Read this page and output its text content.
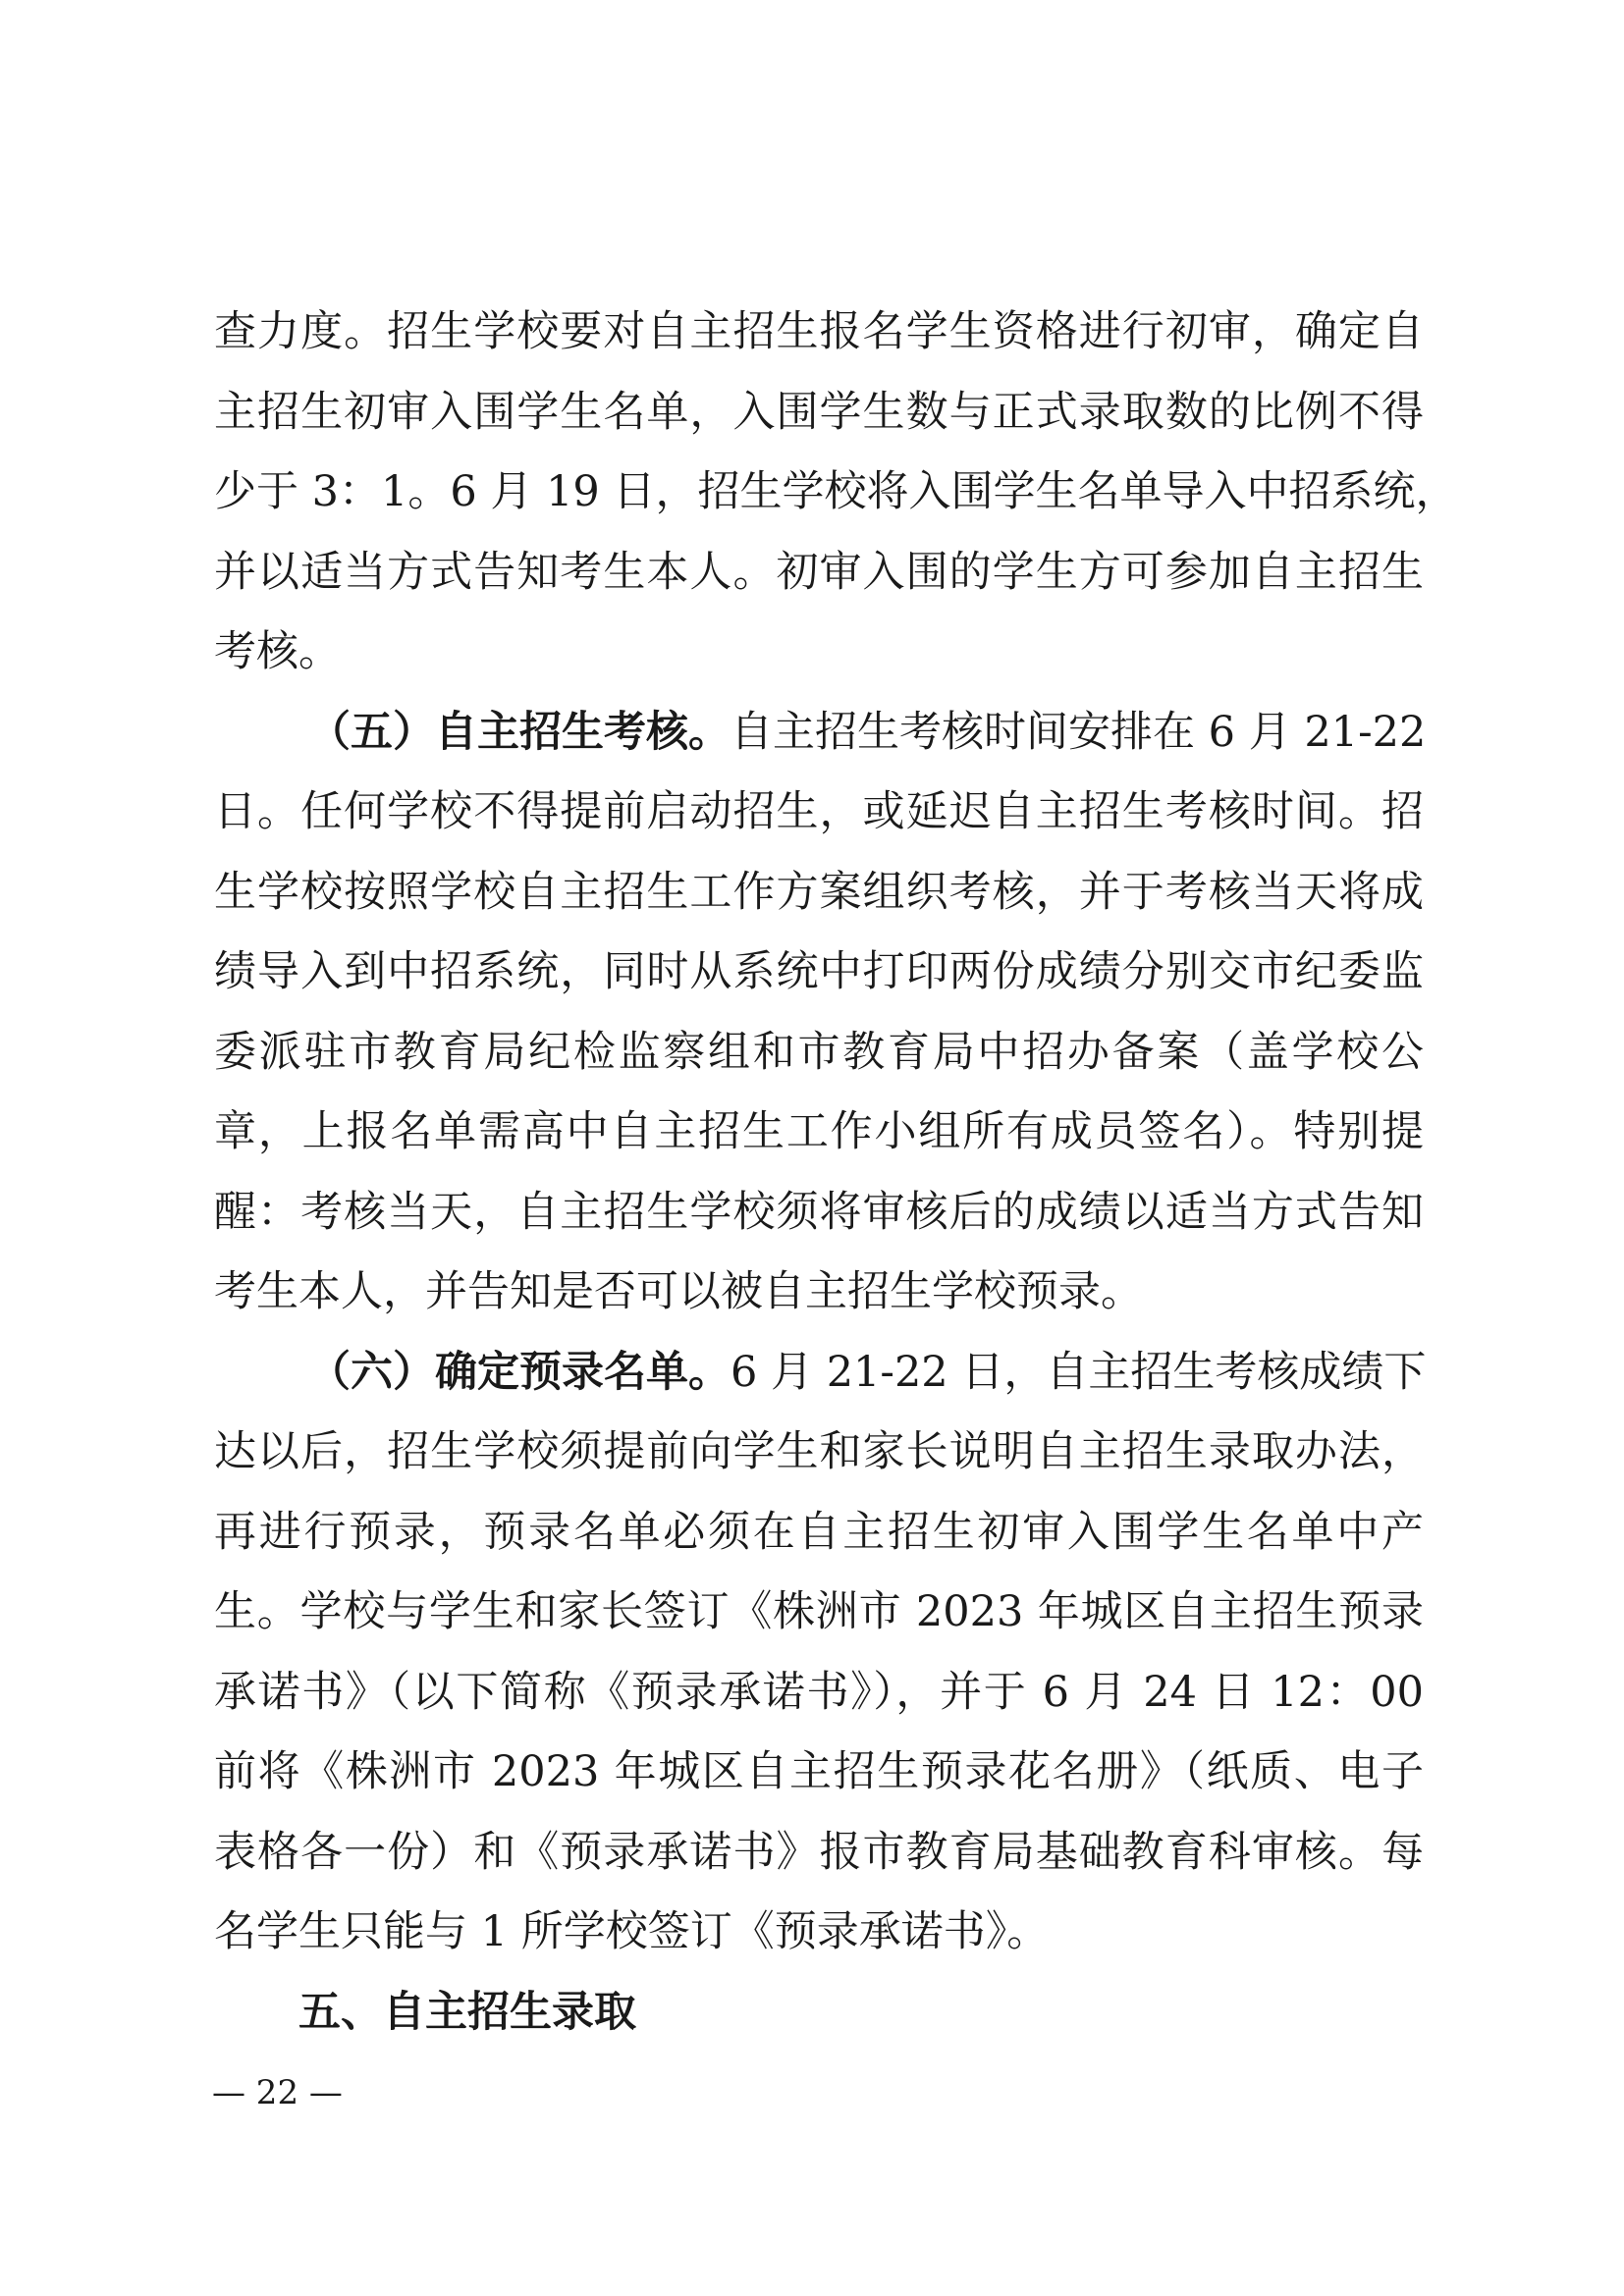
查力度。招生学校要对自主招生报名学生资格进行初审，确定自
主招生初审入围学生名单，入围学生数与正式录取数的比例不得
少于 3：1。6 月 19 日，招生学校将入围学生名单导入中招系统，
并以适当方式告知考生本人。初审入围的学生方可参加自主招生
考核。
（五）自主招生考核。自主招生考核时间安排在 6 月 21-22
日。任何学校不得提前启动招生，或延迟自主招生考核时间。招
生学校按照学校自主招生工作方案组织考核，并于考核当天将成
绩导入到中招系统，同时从系统中打印两份成绩分别交市纪委监
委派驻市教育局纪检监察组和市教育局中招办备案（盖学校公
章，上报名单需高中自主招生工作小组所有成员签名）。特别提
醒：考核当天，自主招生学校须将审核后的成绩以适当方式告知
考生本人，并告知是否可以被自主招生学校预录。
（六）确定预录名单。6 月 21-22 日，自主招生考核成绩下
达以后，招生学校须提前向学生和家长说明自主招生录取办法，
再进行预录，预录名单必须在自主招生初审入围学生名单中产
生。学校与学生和家长签订《株洲市 2023 年城区自主招生预录
承诺书》（以下简称《预录承诺书》），并于 6 月 24 日 12：00
前将《株洲市 2023 年城区自主招生预录花名册》（纸质、电子
表格各一份）和《预录承诺书》报市教育局基础教育科审核。每
名学生只能与 1 所学校签订《预录承诺书》。
五、自主招生录取
— 22 —
